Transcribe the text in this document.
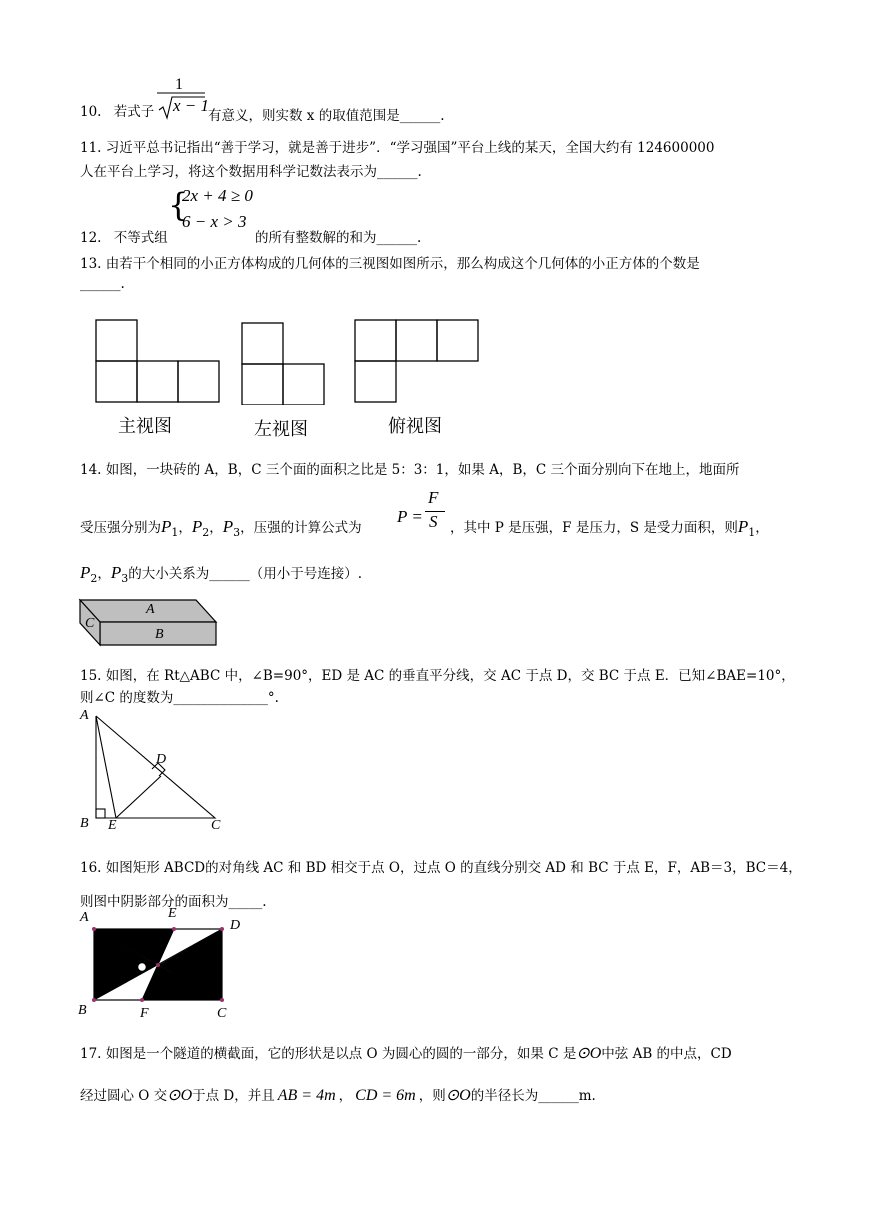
10. 若式子
1
x − 1
有意义，则实数 x 的取值范围是______.
11. 习近平总书记指出“善于学习，就是善于进步”．“学习强国”平台上线的某天，全国大约有 124600000
人在平台上学习，将这个数据用科学记数法表示为______.
12. 不等式组
{
2x + 4 ≥ 0
6 − x > 3
的所有整数解的和为______.
13. 由若干个相同的小正方体构成的几何体的三视图如图所示，那么构成这个几何体的小正方体的个数是
______.
主视图	左视图	俯视图
14. 如图，一块砖的 A，B，C 三个面的面积之比是 5：3：1，如果 A，B，C 三个面分别向下在地上，地面所
受压强分别为$P_1$，$P_2$，$P_3$，压强的计算公式为
P =
F
S ，其中 P 是压强，F 是压力，S 是受力面积，则$P_1$，
$P_2$，$P_3$的大小关系为______（用小于号连接）.
A
B
C
15. 如图，在 Rt△ABC 中，∠B=90°，ED 是 AC 的垂直平分线，交 AC 于点 D，交 BC 于点 E．已知∠BAE=10°，
则∠C 的度数为______________°.
A
B E
D
C
16. 如图矩形 ABCD的对角线 AC 和 BD 相交于点 O，过点 O 的直线分别交 AD 和 BC 于点 E，F，AB＝3，BC＝4，
则图中阴影部分的面积为_____.
A	E
D
B	F	C
17. 如图是一个隧道的横截面，它的形状是以点 O 为圆心的圆的一部分，如果 C 是⊙O中弦 AB 的中点，CD
经过圆心 O 交⊙O于点 D，并且 AB = 4m ， CD = 6m ，则⊙O的半径长为______m.
